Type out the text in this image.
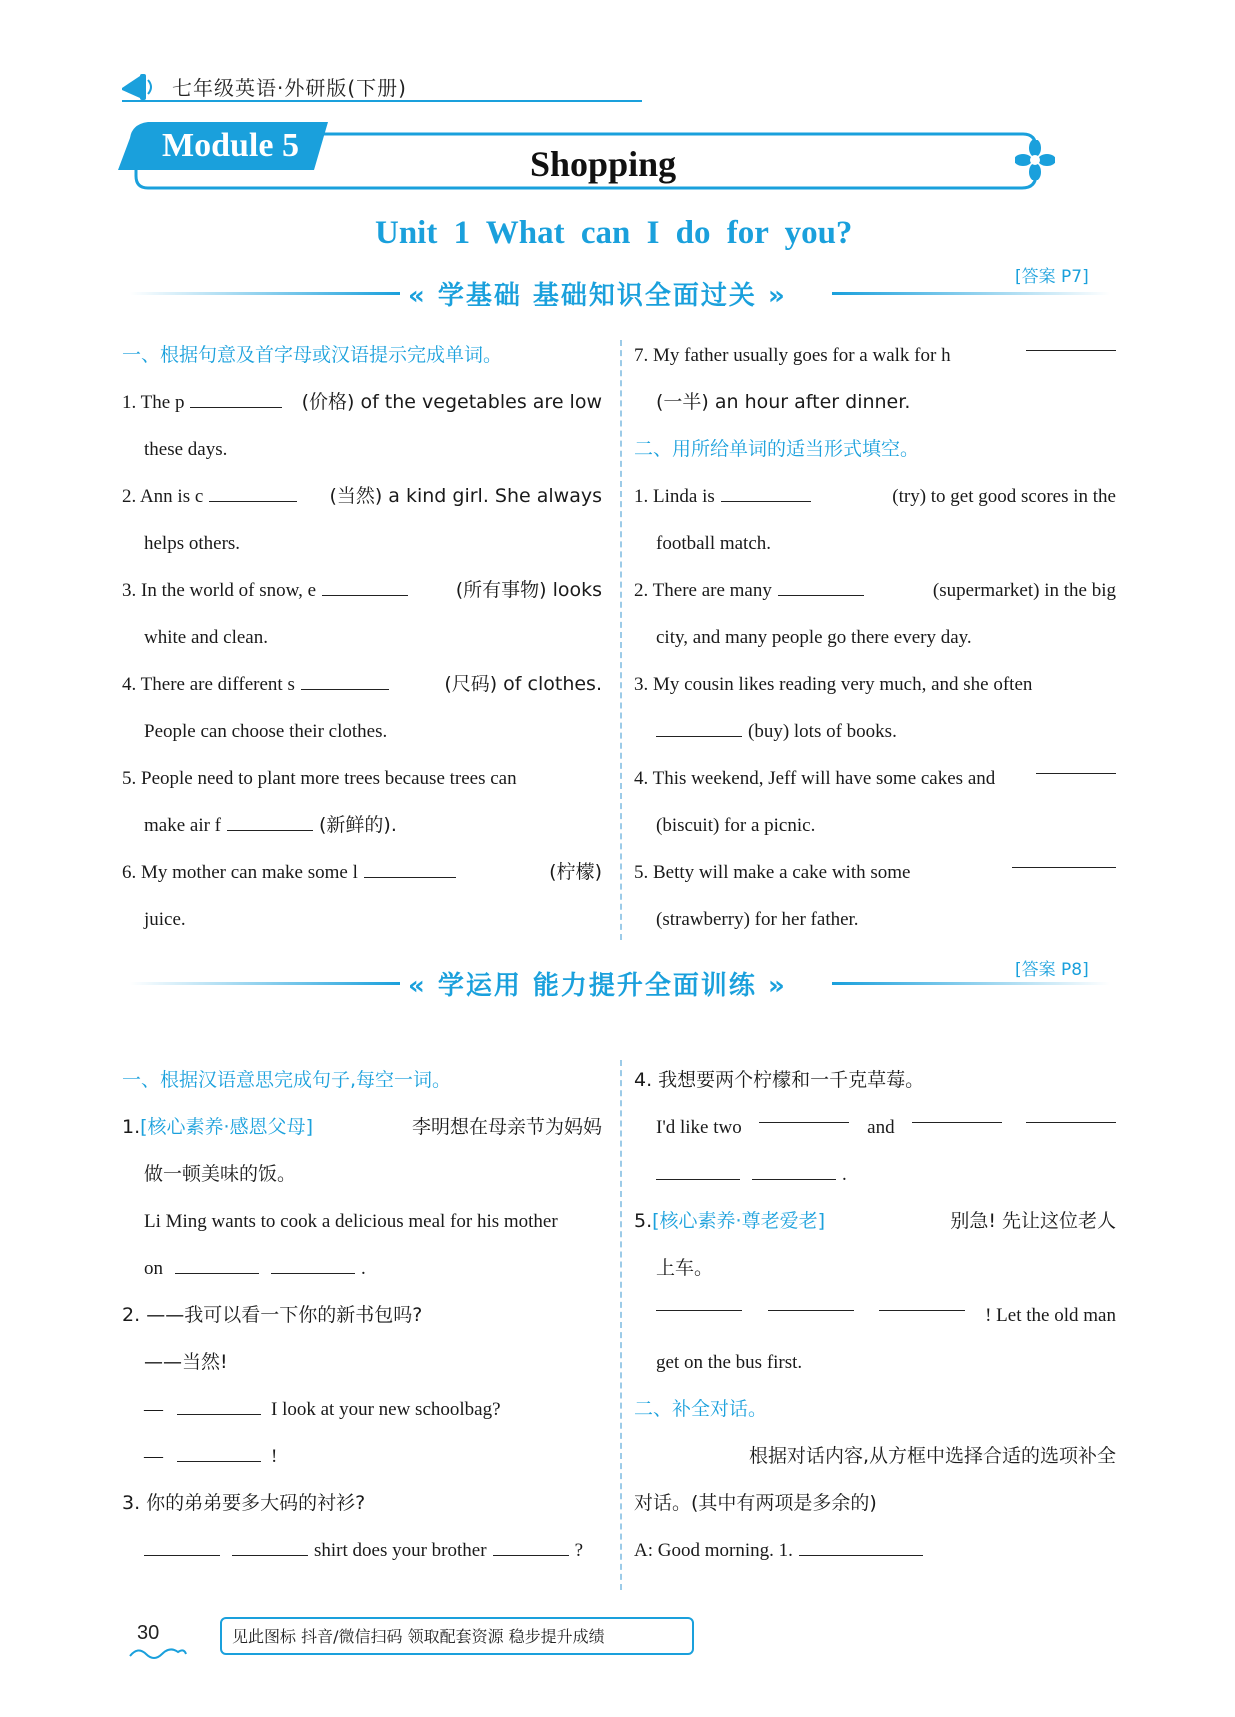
七年级英语·外研版(下册)
Module 5	Shopping
Unit 1 What can I do for you?
[答案 P7]
« 学基础 基础知识全面过关 »
一、根据句意及首字母或汉语提示完成单词。
1. The p	(价格) of the vegetables are low
these days.
2. Ann is c	(当然) a kind girl. She always
helps others.
3. In the world of snow, e	(所有事物) looks
white and clean.
4. There are different s	(尺码) of clothes.
People can choose their clothes.
5. People need to plant more trees because trees can
make air f	(新鲜的).
6. My mother can make some l	(柠檬)
juice.
7. My father usually goes for a walk for h
(一半) an hour after dinner.
二、用所给单词的适当形式填空。
1. Linda is	(try) to get good scores in the
football match.
2. There are many	(supermarket) in the big
city, and many people go there every day.
3. My cousin likes reading very much, and she often
(buy) lots of books.
4. This weekend, Jeff will have some cakes and
(biscuit) for a picnic.
5. Betty will make a cake with some
(strawberry) for her father.
[答案 P8]
« 学运用 能力提升全面训练 »
一、根据汉语意思完成句子,每空一词。
1.[核心素养·感恩父母]	李明想在母亲节为妈妈
做一顿美味的饭。
Li Ming wants to cook a delicious meal for his mother
on	.
2. ——我可以看一下你的新书包吗?
——当然!
—	I look at your new schoolbag?
—	!
3. 你的弟弟要多大码的衬衫?
shirt does your brother	?
4. 我想要两个柠檬和一千克草莓。
I'd like two	and
.
5.[核心素养·尊老爱老]	别急! 先让这位老人
上车。
! Let the old man
get on the bus first.
二、补全对话。
根据对话内容,从方框中选择合适的选项补全
对话。(其中有两项是多余的)
A: Good morning. 1.
30	见此图标 抖音/微信扫码 领取配套资源 稳步提升成绩
